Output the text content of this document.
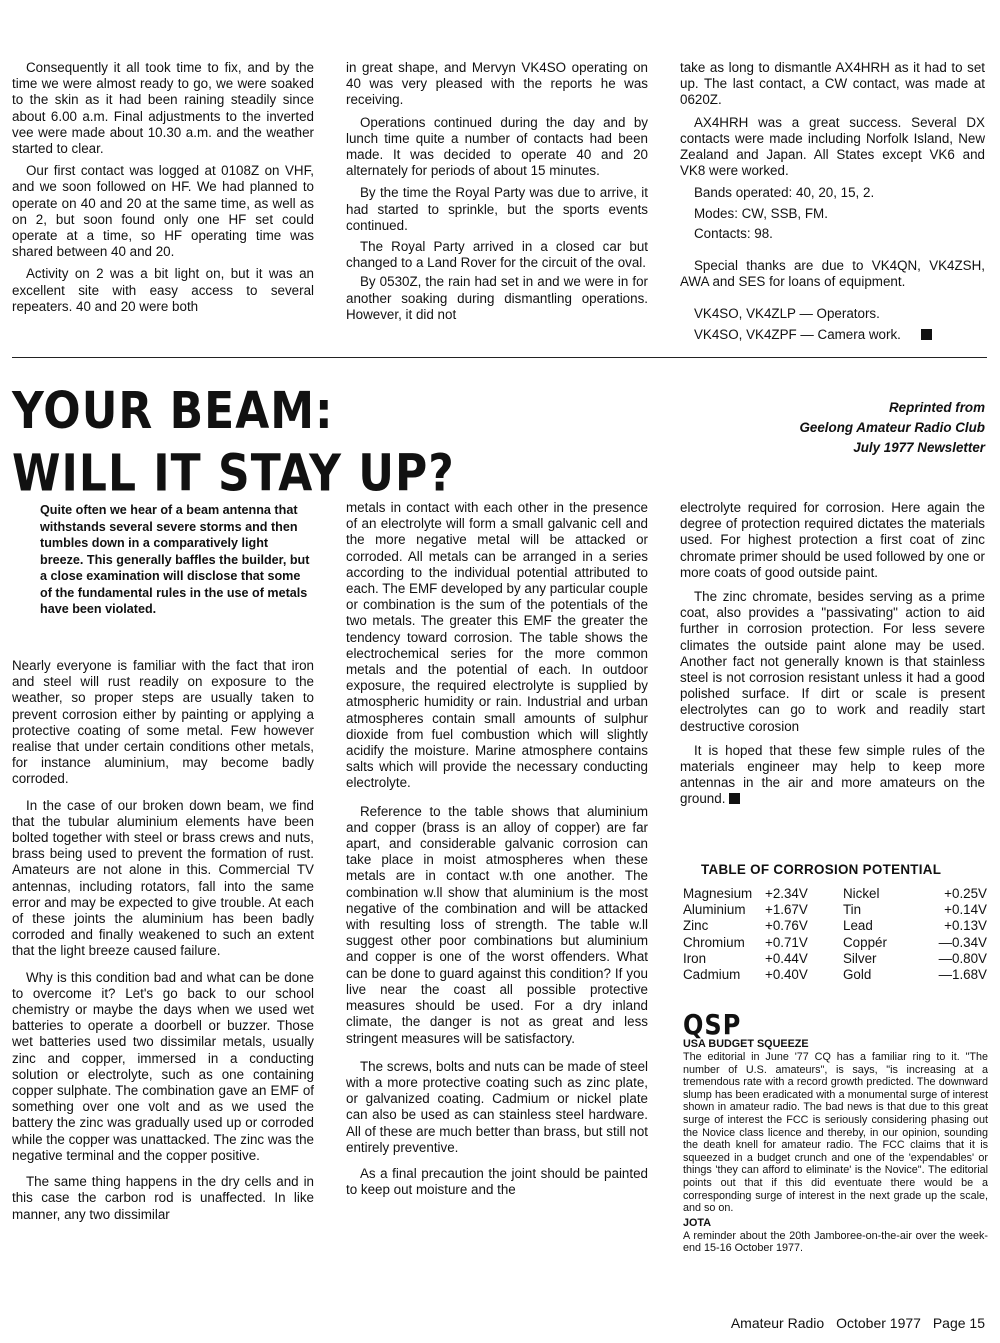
Consequently it all took time to fix, and by the time we were almost ready to go, we were soaked to the skin as it had been raining steadily since about 6.00 a.m. Final adjustments to the inverted vee were made about 10.30 a.m. and the weather started to clear.

Our first contact was logged at 0108Z on VHF, and we soon followed on HF. We had planned to operate on 40 and 20 at the same time, as well as on 2, but soon found only one HF set could operate at a time, so HF operating time was shared between 40 and 20.

Activity on 2 was a bit light on, but it was an excellent site with easy access to several repeaters. 40 and 20 were both

in great shape, and Mervyn VK4SO operating on 40 was very pleased with the reports he was receiving.

Operations continued during the day and by lunch time quite a number of contacts had been made. It was decided to operate 40 and 20 alternately for periods of about 15 minutes.

By the time the Royal Party was due to arrive, it had started to sprinkle, but the sports events continued.

The Royal Party arrived in a closed car but changed to a Land Rover for the circuit of the oval.

By 0530Z, the rain had set in and we were in for another soaking during dismantling operations. However, it did not

take as long to dismantle AX4HRH as it had to set up. The last contact, a CW contact, was made at 0620Z.

AX4HRH was a great success. Several DX contacts were made including Norfolk Island, New Zealand and Japan. All States except VK6 and VK8 were worked.

Bands operated: 40, 20, 15, 2.

Modes: CW, SSB, FM.

Contacts: 98.

Special thanks are due to VK4QN, VK4ZSH, AWA and SES for loans of equipment.

VK4SO, VK4ZLP — Operators.

VK4SO, VK4ZPF — Camera work.

YOUR BEAM:
WILL IT STAY UP?
Reprinted from
Geelong Amateur Radio Club
July 1977 Newsletter
Quite often we hear of a beam antenna that withstands several severe storms and then tumbles down in a comparatively light breeze. This generally baffles the builder, but a close examination will disclose that some of the fundamental rules in the use of metals have been violated.

Nearly everyone is familiar with the fact that iron and steel will rust readily on exposure to the weather, so proper steps are usually taken to prevent corrosion either by painting or applying a protective coating of some metal. Few however realise that under certain conditions other metals, for instance aluminium, may become badly corroded.

In the case of our broken down beam, we find that the tubular aluminium elements have been bolted together with steel or brass crews and nuts, brass being used to prevent the formation of rust. Amateurs are not alone in this. Commercial TV antennas, including rotators, fall into the same error and may be expected to give trouble. At each of these joints the aluminium has been badly corroded and finally weakened to such an extent that the light breeze caused failure.

Why is this condition bad and what can be done to overcome it? Let's go back to our school chemistry or maybe the days when we used wet batteries to operate a doorbell or buzzer. Those wet batteries used two dissimilar metals, usually zinc and copper, immersed in a conducting solution or electrolyte, such as one containing copper sulphate. The combination gave an EMF of something over one volt and as we used the battery the zinc was gradually used up or corroded while the copper was unattacked. The zinc was the negative terminal and the copper positive.

The same thing happens in the dry cells and in this case the carbon rod is unaffected. In like manner, any two dissimilar

metals in contact with each other in the presence of an electrolyte will form a small galvanic cell and the more negative metal will be attacked or corroded. All metals can be arranged in a series according to the individual potential attributed to each. The EMF developed by any particular couple or combination is the sum of the potentials of the two metals. The greater this EMF the greater the tendency toward corrosion. The table shows the electrochemical series for the more common metals and the potential of each. In outdoor exposure, the required electrolyte is supplied by atmospheric humidity or rain. Industrial and urban atmospheres contain small amounts of sulphur dioxide from fuel combustion which will slightly acidify the moisture. Marine atmosphere contains salts which will provide the necessary conducting electrolyte.

Reference to the table shows that aluminium and copper (brass is an alloy of copper) are far apart, and considerable galvanic corrosion can take place in moist atmospheres when these metals are in contact w.th one another. The combination w.ll show that aluminium is the most negative of the combination and will be attacked with resulting loss of strength. The table w.ll suggest other poor combinations but aluminium and copper is one of the worst offenders. What can be done to guard against this condition? If you live near the coast all possible protective measures should be used. For a dry inland climate, the danger is not as great and less stringent measures will be satisfactory.

The screws, bolts and nuts can be made of steel with a more protective coating such as zinc plate, or galvanized coating. Cadmium or nickel plate can also be used as can stainless steel hardware. All of these are much better than brass, but still not entirely preventive.

As a final precaution the joint should be painted to keep out moisture and the

electrolyte required for corrosion. Here again the degree of protection required dictates the materials used. For highest protection a first coat of zinc chromate primer should be used followed by one or more coats of good outside paint.

The zinc chromate, besides serving as a prime coat, also provides a "passivating" action to aid further in corrosion protection. For less severe climates the outside paint alone may be used. Another fact not generally known is that stainless steel is not corrosion resistant unless it had a good polished surface. If dirt or scale is present electrolytes can go to work and readily start destructive corosion

It is hoped that these few simple rules of the materials engineer may help to keep more antennas in the air and more amateurs on the ground.

TABLE OF CORROSION POTENTIAL
Magnesium	+2.34V	Nickel	+0.25V
Aluminium	+1.67V	Tin	+0.14V
Zinc	+0.76V	Lead	+0.13V
Chromium	+0.71V	Coppér	—0.34V
Iron	+0.44V	Silver	—0.80V
Cadmium	+0.40V	Gold	—1.68V
QSP
USA BUDGET SQUEEZE

The editorial in June '77 CQ has a familiar ring to it. "The number of U.S. amateurs", is says, "is increasing at a tremendous rate with a record growth predicted. The downward slump has been eradicated with a monumental surge of interest shown in amateur radio. The bad news is that due to this great surge of interest the FCC is seriously considering phasing out the Novice class licence and thereby, in our opinion, sounding the death knell for amateur radio. The FCC claims that it is squeezed in a budget crunch and one of the 'expendables' or things 'they can afford to eliminate' is the Novice". The editorial points out that if this did eventuate there would be a corresponding surge of interest in the next grade up the scale, and so on.

JOTA

A reminder about the 20th Jamboree-on-the-air over the week-end 15-16 October 1977.

Amateur Radio October 1977 Page 15
